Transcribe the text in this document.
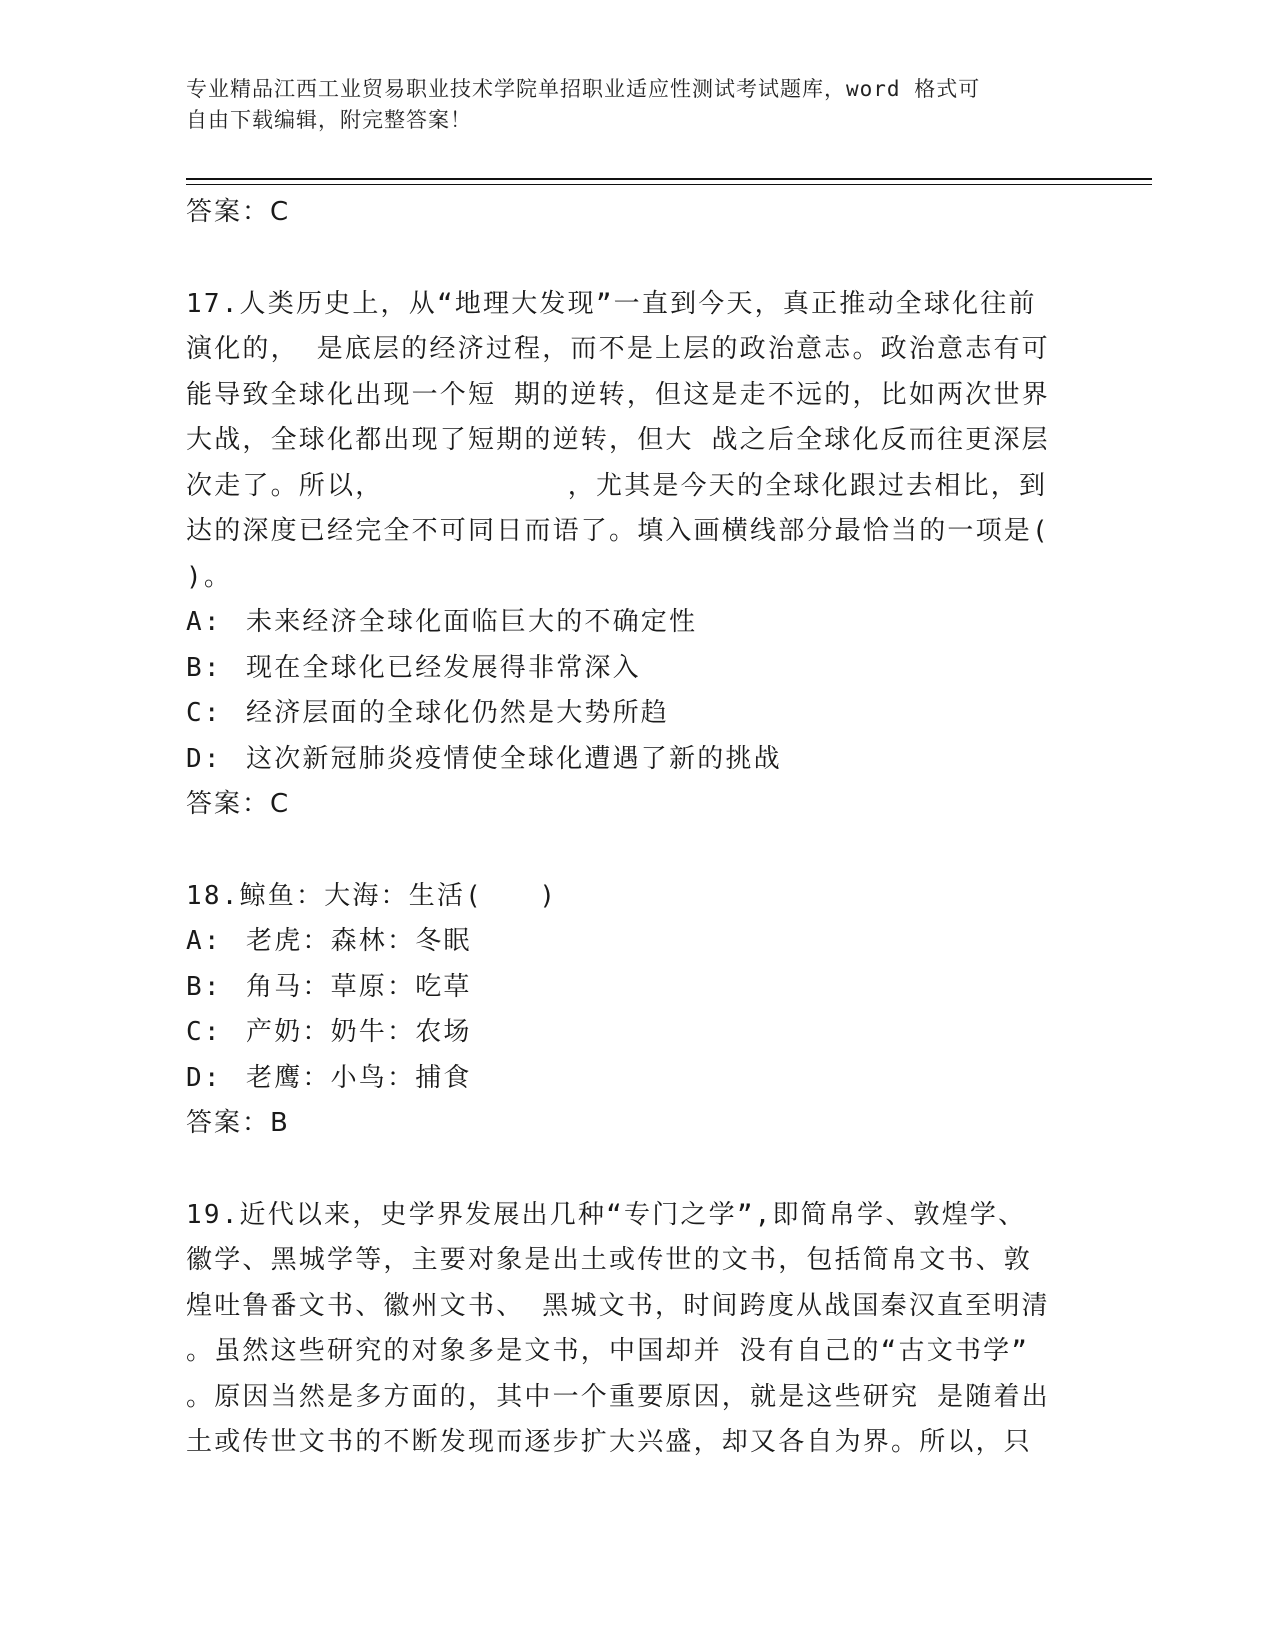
专业精品江西工业贸易职业技术学院单招职业适应性测试考试题库，word 格式可
自由下载编辑，附完整答案！
答案：C
17.人类历史上，从“地理大发现”一直到今天，真正推动全球化往前
演化的， 是底层的经济过程，而不是上层的政治意志。政治意志有可
能导致全球化出现一个短 期的逆转，但这是走不远的，比如两次世界
大战，全球化都出现了短期的逆转，但大 战之后全球化反而往更深层
次走了。所以，　　　　　　　，尤其是今天的全球化跟过去相比，到
达的深度已经完全不可同日而语了。填入画横线部分最恰当的一项是(
)。
A: 未来经济全球化面临巨大的不确定性
B: 现在全球化已经发展得非常深入
C: 经济层面的全球化仍然是大势所趋
D: 这次新冠肺炎疫情使全球化遭遇了新的挑战
答案：C
18.鲸鱼：大海：生活(　　)
A: 老虎：森林：冬眠
B: 角马：草原：吃草
C: 产奶：奶牛：农场
D: 老鹰：小鸟：捕食
答案：B
19.近代以来，史学界发展出几种“专门之学”,即简帛学、敦煌学、
徽学、黑城学等，主要对象是出土或传世的文书，包括简帛文书、敦
煌吐鲁番文书、徽州文书、 黑城文书，时间跨度从战国秦汉直至明清
。虽然这些研究的对象多是文书，中国却并 没有自己的“古文书学”
。原因当然是多方面的，其中一个重要原因，就是这些研究 是随着出
土或传世文书的不断发现而逐步扩大兴盛，却又各自为界。所以，只
